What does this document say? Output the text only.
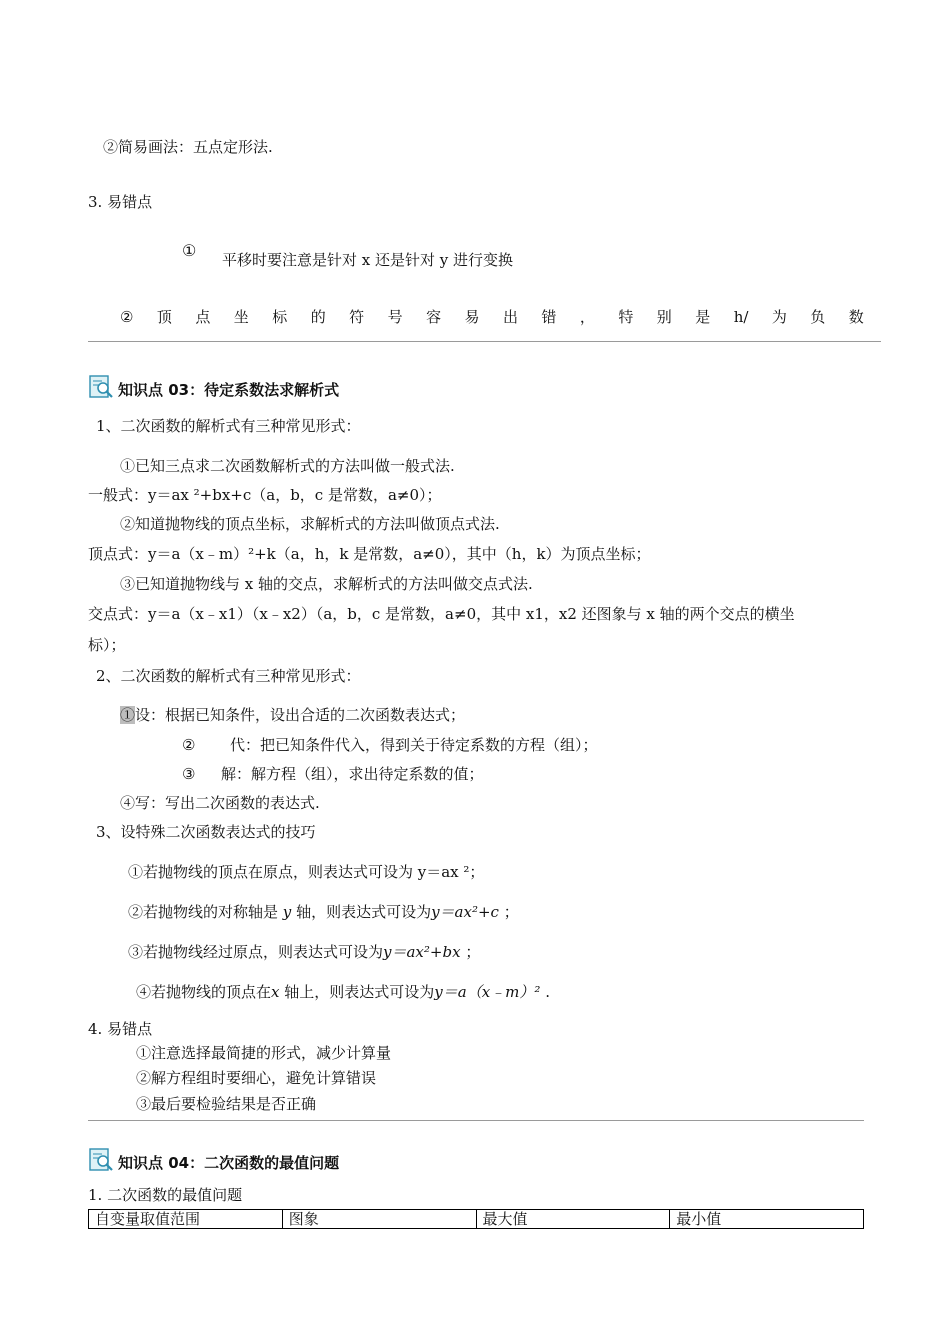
②简易画法：五点定形法.
3. 易错点
① 平移时要注意是针对 x 还是针对 y 进行变换
② 顶 点 坐 标 的 符 号 容 易 出 错 ， 特 别 是 h/ 为 负 数
知识点 03：待定系数法求解析式
1、二次函数的解析式有三种常见形式：
①已知三点求二次函数解析式的方法叫做一般式法.
一般式：y＝ax ²+bx+c（a，b，c 是常数，a≠0）；
②知道抛物线的顶点坐标，求解析式的方法叫做顶点式法.
顶点式：y＝a（x﹣m）²+k（a，h，k 是常数，a≠0），其中（h，k）为顶点坐标；
③已知道抛物线与 x 轴的交点，求解析式的方法叫做交点式法.
交点式：y＝a（x﹣x1）（x﹣x2）（a，b，c 是常数，a≠0，其中 x1，x2 还图象与 x 轴的两个交点的横坐
标）；
2、二次函数的解析式有三种常见形式：
①设：根据已知条件，设出合适的二次函数表达式；
② 代：把已知条件代入，得到关于待定系数的方程（组）；
③ 解：解方程（组），求出待定系数的值；
④写：写出二次函数的表达式.
3、设特殊二次函数表达式的技巧
①若抛物线的顶点在原点，则表达式可设为 y＝ax ²；
②若抛物线的对称轴是 y 轴，则表达式可设为y＝ax²+c ；
③若抛物线经过原点，则表达式可设为y＝ax²+bx ；
④若抛物线的顶点在x 轴上，则表达式可设为y＝a（x﹣m）² .
4. 易错点
①注意选择最简捷的形式，减少计算量
②解方程组时要细心，避免计算错误
③最后要检验结果是否正确
知识点 04：二次函数的最值问题
1. 二次函数的最值问题
自变量取值范围	图象	最大值	最小值
